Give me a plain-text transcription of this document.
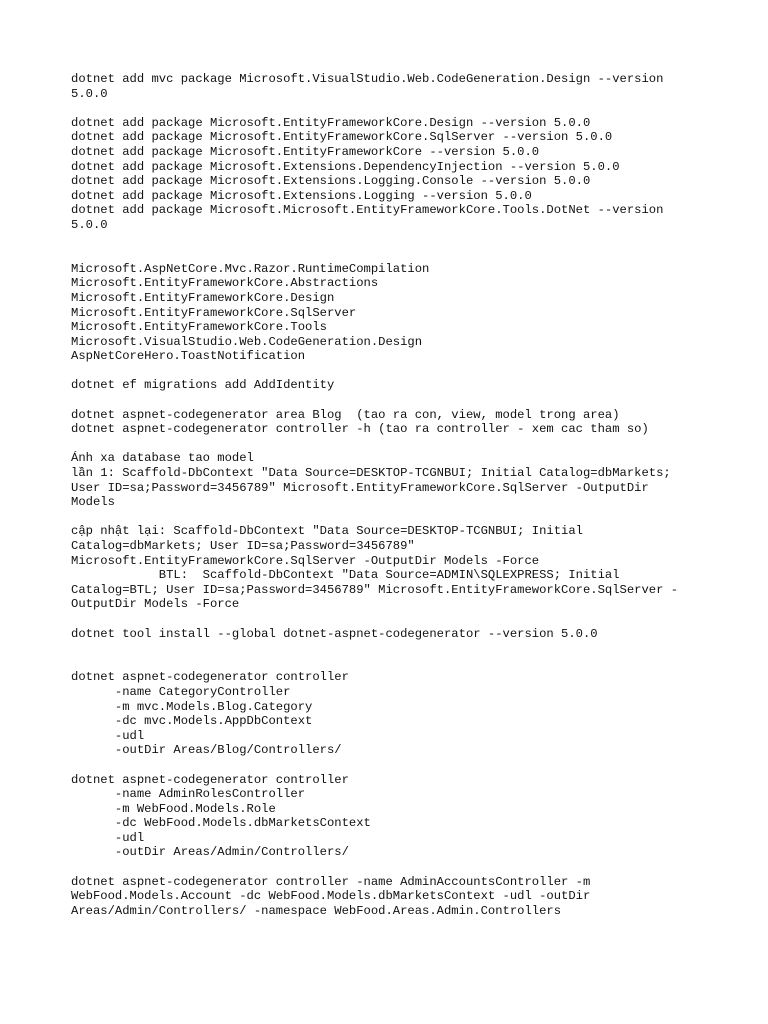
dotnet add mvc package Microsoft.VisualStudio.Web.CodeGeneration.Design --version
5.0.0
dotnet add package Microsoft.EntityFrameworkCore.Design --version 5.0.0
dotnet add package Microsoft.EntityFrameworkCore.SqlServer --version 5.0.0
dotnet add package Microsoft.EntityFrameworkCore --version 5.0.0
dotnet add package Microsoft.Extensions.DependencyInjection --version 5.0.0
dotnet add package Microsoft.Extensions.Logging.Console --version 5.0.0
dotnet add package Microsoft.Extensions.Logging --version 5.0.0
dotnet add package Microsoft.Microsoft.EntityFrameworkCore.Tools.DotNet --version
5.0.0
Microsoft.AspNetCore.Mvc.Razor.RuntimeCompilation
Microsoft.EntityFrameworkCore.Abstractions
Microsoft.EntityFrameworkCore.Design
Microsoft.EntityFrameworkCore.SqlServer
Microsoft.EntityFrameworkCore.Tools
Microsoft.VisualStudio.Web.CodeGeneration.Design
AspNetCoreHero.ToastNotification
dotnet ef migrations add AddIdentity
dotnet aspnet-codegenerator area Blog  (tao ra con, view, model trong area)
dotnet aspnet-codegenerator controller -h (tao ra controller - xem cac tham so)
Ánh xa database tao model
lần 1: Scaffold-DbContext "Data Source=DESKTOP-TCGNBUI; Initial Catalog=dbMarkets;
User ID=sa;Password=3456789" Microsoft.EntityFrameworkCore.SqlServer -OutputDir
Models
cập nhật lại: Scaffold-DbContext "Data Source=DESKTOP-TCGNBUI; Initial
Catalog=dbMarkets; User ID=sa;Password=3456789"
Microsoft.EntityFrameworkCore.SqlServer -OutputDir Models -Force
BTL:  Scaffold-DbContext "Data Source=ADMIN\SQLEXPRESS; Initial
Catalog=BTL; User ID=sa;Password=3456789" Microsoft.EntityFrameworkCore.SqlServer -
OutputDir Models -Force
dotnet tool install --global dotnet-aspnet-codegenerator --version 5.0.0
dotnet aspnet-codegenerator controller
-name CategoryController
-m mvc.Models.Blog.Category
-dc mvc.Models.AppDbContext
-udl
-outDir Areas/Blog/Controllers/
dotnet aspnet-codegenerator controller
-name AdminRolesController
-m WebFood.Models.Role
-dc WebFood.Models.dbMarketsContext
-udl
-outDir Areas/Admin/Controllers/
dotnet aspnet-codegenerator controller -name AdminAccountsController -m
WebFood.Models.Account -dc WebFood.Models.dbMarketsContext -udl -outDir
Areas/Admin/Controllers/ -namespace WebFood.Areas.Admin.Controllers
